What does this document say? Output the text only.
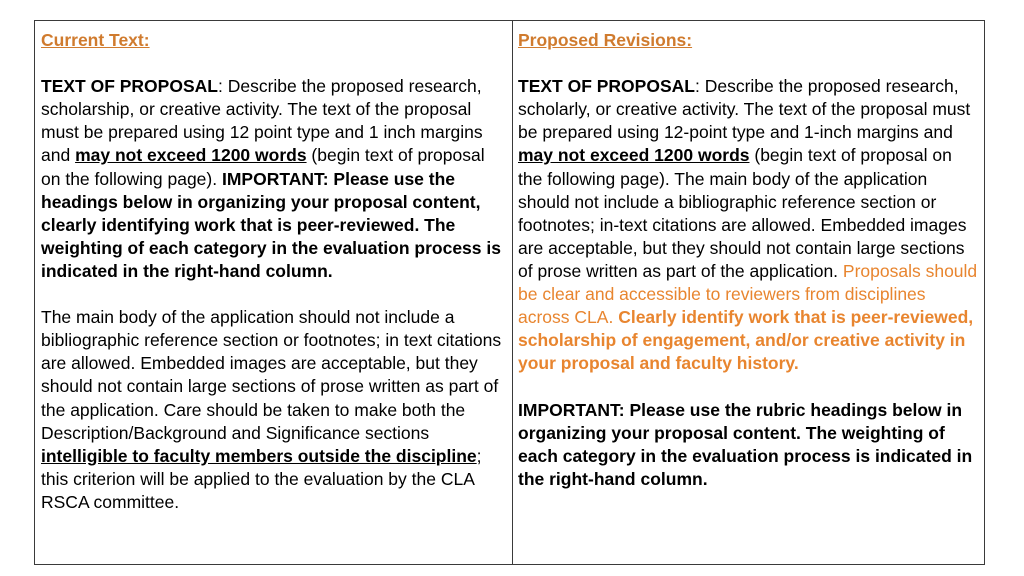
Current Text:

TEXT OF PROPOSAL: Describe the proposed research, scholarship, or creative activity. The text of the proposal must be prepared using 12 point type and 1 inch margins and may not exceed 1200 words (begin text of proposal on the following page). IMPORTANT: Please use the headings below in organizing your proposal content, clearly identifying work that is peer-reviewed. The weighting of each category in the evaluation process is indicated in the right-hand column.

The main body of the application should not include a bibliographic reference section or footnotes; in text citations are allowed. Embedded images are acceptable, but they should not contain large sections of prose written as part of the application. Care should be taken to make both the Description/Background and Significance sections intelligible to faculty members outside the discipline; this criterion will be applied to the evaluation by the CLA RSCA committee.

Proposed Revisions:

TEXT OF PROPOSAL: Describe the proposed research, scholarly, or creative activity. The text of the proposal must be prepared using 12-point type and 1-inch margins and may not exceed 1200 words (begin text of proposal on the following page). The main body of the application should not include a bibliographic reference section or footnotes; in-text citations are allowed. Embedded images are acceptable, but they should not contain large sections of prose written as part of the application. Proposals should be clear and accessible to reviewers from disciplines across CLA. Clearly identify work that is peer-reviewed, scholarship of engagement, and/or creative activity in your proposal and faculty history.

IMPORTANT: Please use the rubric headings below in organizing your proposal content. The weighting of each category in the evaluation process is indicated in the right-hand column.
